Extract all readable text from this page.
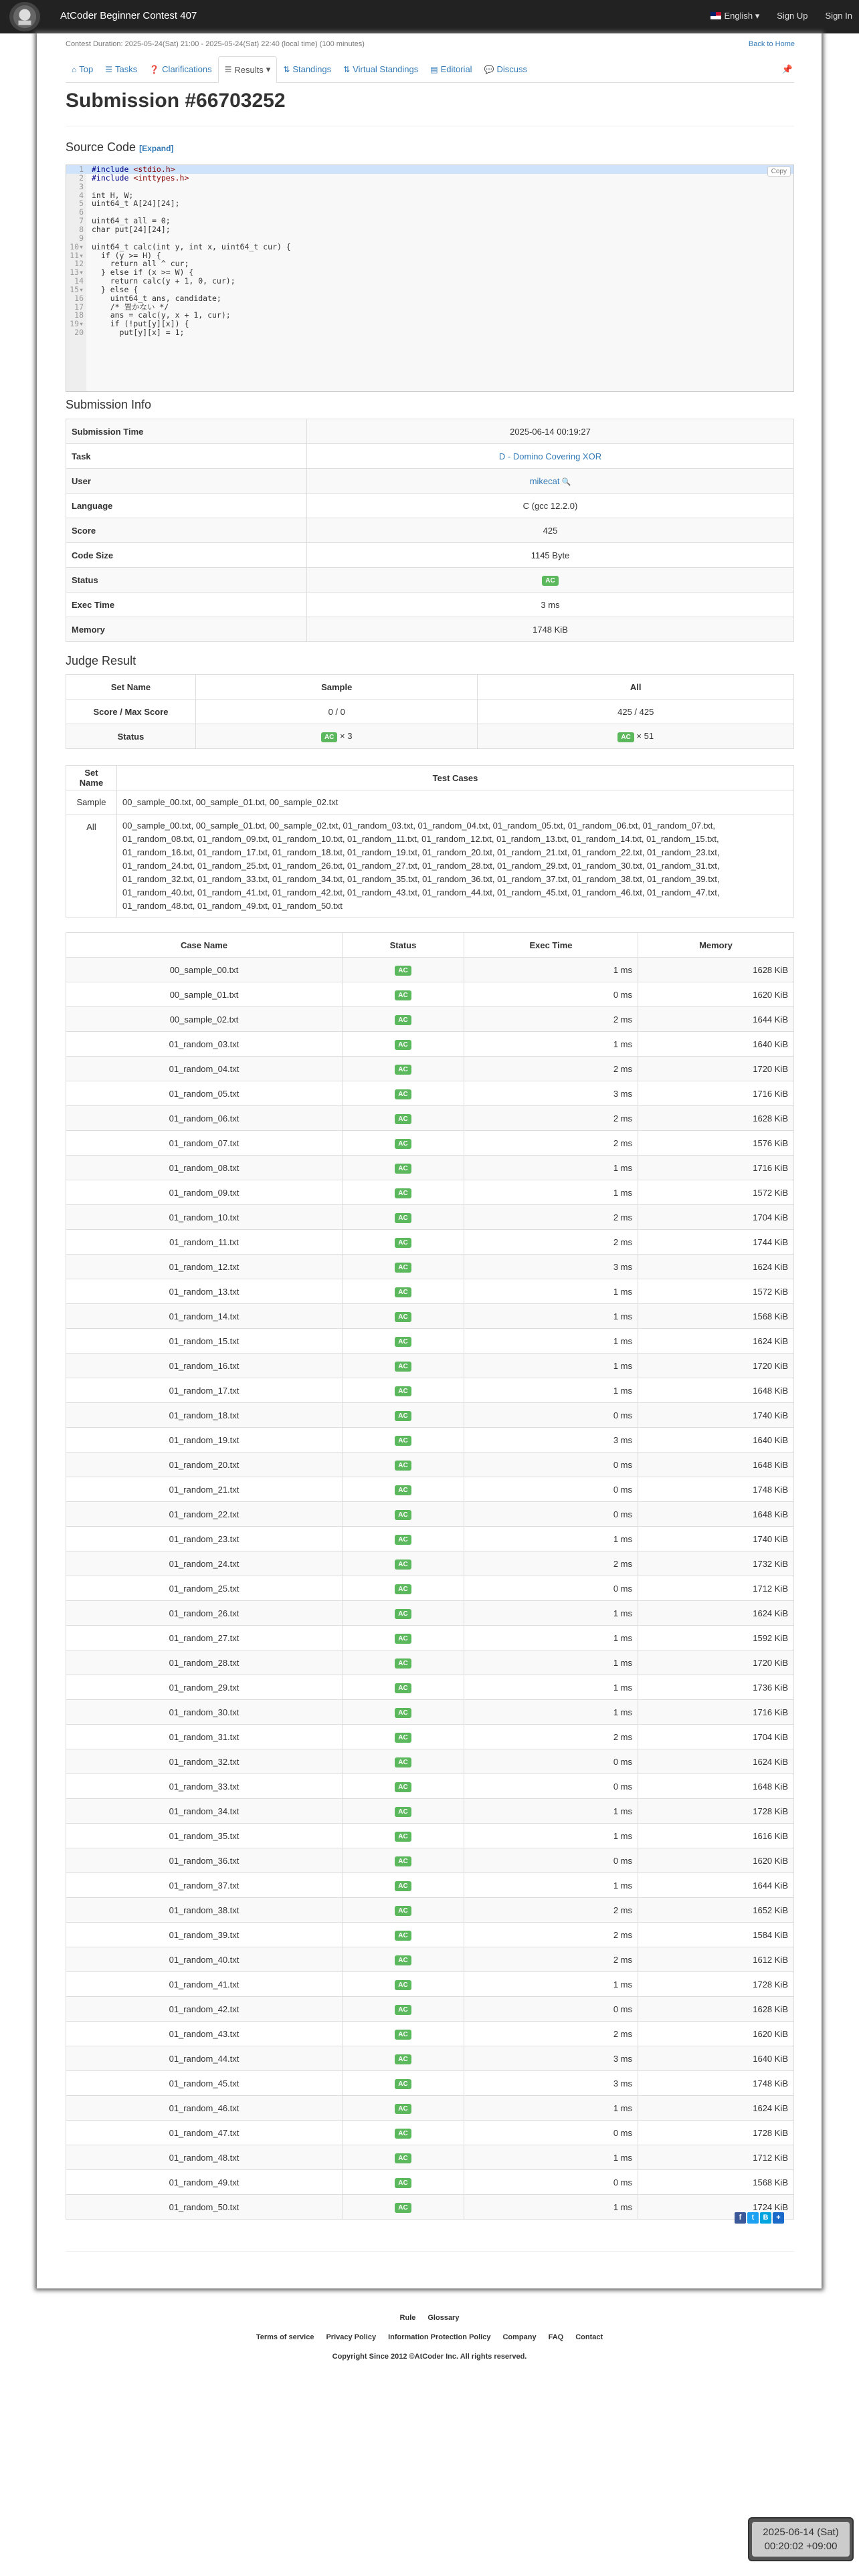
AtCoder Beginner Contest 407	English ▾ Sign Up Sign In
Contest Duration: 2025-05-24(Sat) 21:00 - 2025-05-24(Sat) 22:40 (local time) (100 minutes)	Back to Home
⌂ Top ☰ Tasks ❓ Clarifications ☰ Results ▾ ⇅ Standings ⇅ Virtual Standings ▤ Editorial 💬 Discuss	📌
Submission #66703252
Source Code [Expand]
1 #include <stdio.h>
2 #include <inttypes.h>
3
4 int H, W;
5 uint64_t A[24][24];
6
7 uint64_t all = 0;
8 char put[24][24];
9
10▾ uint64_t calc(int y, int x, uint64_t cur) {
11▾ if (y >= H) {
12 return all ^ cur;
13▾ } else if (x >= W) {
14 return calc(y + 1, 0, cur);
15▾ } else {
16 uint64_t ans, candidate;
17 /* 置かない */
18 ans = calc(y, x + 1, cur);
19▾ if (!put[y][x]) {
20 put[y][x] = 1;
Copy
Submission Info
Submission Time	2025-06-14 00:19:27
Task	D - Domino Covering XOR
User	mikecat 🔍
Language	C (gcc 12.2.0)
Score	425
Code Size	1145 Byte
Status	AC
Exec Time	3 ms
Memory	1748 KiB
Judge Result
Set Name	Sample	All
Score / Max Score	0 / 0	425 / 425
Status	AC × 3	AC × 51
Set Name	Test Cases
Sample	00_sample_00.txt, 00_sample_01.txt, 00_sample_02.txt
All	00_sample_00.txt, 00_sample_01.txt, 00_sample_02.txt, 01_random_03.txt, 01_random_04.txt, 01_random_05.txt, 01_random_06.txt, 01_random_07.txt, 01_random_08.txt, 01_random_09.txt, 01_random_10.txt, 01_random_11.txt, 01_random_12.txt, 01_random_13.txt, 01_random_14.txt, 01_random_15.txt, 01_random_16.txt, 01_random_17.txt, 01_random_18.txt, 01_random_19.txt, 01_random_20.txt, 01_random_21.txt, 01_random_22.txt, 01_random_23.txt, 01_random_24.txt, 01_random_25.txt, 01_random_26.txt, 01_random_27.txt, 01_random_28.txt, 01_random_29.txt, 01_random_30.txt, 01_random_31.txt, 01_random_32.txt, 01_random_33.txt, 01_random_34.txt, 01_random_35.txt, 01_random_36.txt, 01_random_37.txt, 01_random_38.txt, 01_random_39.txt, 01_random_40.txt, 01_random_41.txt, 01_random_42.txt, 01_random_43.txt, 01_random_44.txt, 01_random_45.txt, 01_random_46.txt, 01_random_47.txt, 01_random_48.txt, 01_random_49.txt, 01_random_50.txt
Case Name	Status	Exec Time	Memory
00_sample_00.txt	AC	1 ms	1628 KiB
00_sample_01.txt	AC	0 ms	1620 KiB
00_sample_02.txt	AC	2 ms	1644 KiB
01_random_03.txt	AC	1 ms	1640 KiB
01_random_04.txt	AC	2 ms	1720 KiB
01_random_05.txt	AC	3 ms	1716 KiB
01_random_06.txt	AC	2 ms	1628 KiB
01_random_07.txt	AC	2 ms	1576 KiB
01_random_08.txt	AC	1 ms	1716 KiB
01_random_09.txt	AC	1 ms	1572 KiB
01_random_10.txt	AC	2 ms	1704 KiB
01_random_11.txt	AC	2 ms	1744 KiB
01_random_12.txt	AC	3 ms	1624 KiB
01_random_13.txt	AC	1 ms	1572 KiB
01_random_14.txt	AC	1 ms	1568 KiB
01_random_15.txt	AC	1 ms	1624 KiB
01_random_16.txt	AC	1 ms	1720 KiB
01_random_17.txt	AC	1 ms	1648 KiB
01_random_18.txt	AC	0 ms	1740 KiB
01_random_19.txt	AC	3 ms	1640 KiB
01_random_20.txt	AC	0 ms	1648 KiB
01_random_21.txt	AC	0 ms	1748 KiB
01_random_22.txt	AC	0 ms	1648 KiB
01_random_23.txt	AC	1 ms	1740 KiB
01_random_24.txt	AC	2 ms	1732 KiB
01_random_25.txt	AC	0 ms	1712 KiB
01_random_26.txt	AC	1 ms	1624 KiB
01_random_27.txt	AC	1 ms	1592 KiB
01_random_28.txt	AC	1 ms	1720 KiB
01_random_29.txt	AC	1 ms	1736 KiB
01_random_30.txt	AC	1 ms	1716 KiB
01_random_31.txt	AC	2 ms	1704 KiB
01_random_32.txt	AC	0 ms	1624 KiB
01_random_33.txt	AC	0 ms	1648 KiB
01_random_34.txt	AC	1 ms	1728 KiB
01_random_35.txt	AC	1 ms	1616 KiB
01_random_36.txt	AC	0 ms	1620 KiB
01_random_37.txt	AC	1 ms	1644 KiB
01_random_38.txt	AC	2 ms	1652 KiB
01_random_39.txt	AC	2 ms	1584 KiB
01_random_40.txt	AC	2 ms	1612 KiB
01_random_41.txt	AC	1 ms	1728 KiB
01_random_42.txt	AC	0 ms	1628 KiB
01_random_43.txt	AC	2 ms	1620 KiB
01_random_44.txt	AC	3 ms	1640 KiB
01_random_45.txt	AC	3 ms	1748 KiB
01_random_46.txt	AC	1 ms	1624 KiB
01_random_47.txt	AC	0 ms	1728 KiB
01_random_48.txt	AC	1 ms	1712 KiB
01_random_49.txt	AC	0 ms	1568 KiB
01_random_50.txt	AC	1 ms	1724 KiB
f	t	B	+
Rule Glossary
Terms of service Privacy Policy Information Protection Policy Company FAQ Contact
Copyright Since 2012 ©AtCoder Inc. All rights reserved.
2025-06-14 (Sat)
00:20:02 +09:00
